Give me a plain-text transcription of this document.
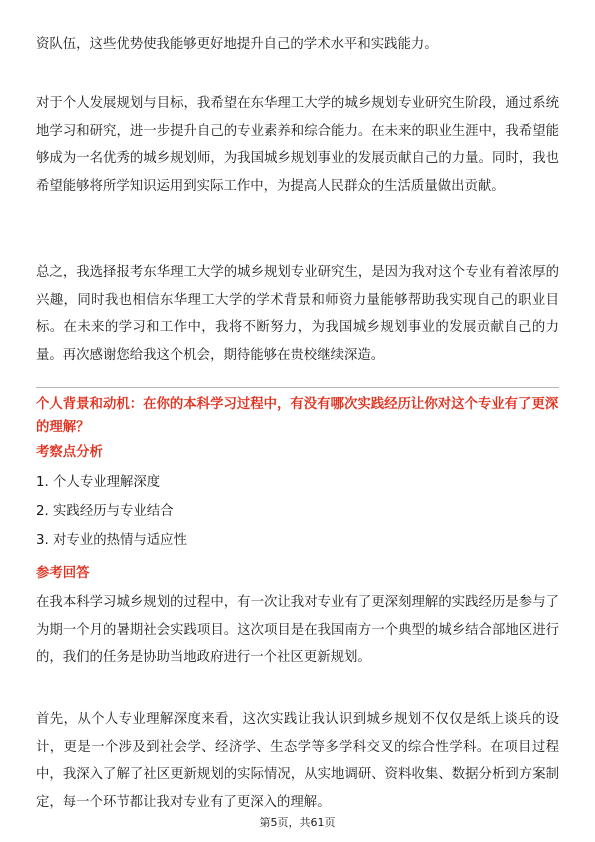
资队伍，这些优势使我能够更好地提升自己的学术水平和实践能力。

对于个人发展规划与目标，我希望在东华理工大学的城乡规划专业研究生阶段，通过系统地学习和研究，进一步提升自己的专业素养和综合能力。在未来的职业生涯中，我希望能够成为一名优秀的城乡规划师，为我国城乡规划事业的发展贡献自己的力量。同时，我也希望能够将所学知识运用到实际工作中，为提高人民群众的生活质量做出贡献。

总之，我选择报考东华理工大学的城乡规划专业研究生，是因为我对这个专业有着浓厚的兴趣，同时我也相信东华理工大学的学术背景和师资力量能够帮助我实现自己的职业目标。在未来的学习和工作中，我将不断努力，为我国城乡规划事业的发展贡献自己的力量。再次感谢您给我这个机会，期待能够在贵校继续深造。

个人背景和动机：在你的本科学习过程中，有没有哪次实践经历让你对这个专业有了更深的理解？

考察点分析

1. 个人专业理解深度
2. 实践经历与专业结合
3. 对专业的热情与适应性

参考回答

在我本科学习城乡规划的过程中，有一次让我对专业有了更深刻理解的实践经历是参与了为期一个月的暑期社会实践项目。这次项目是在我国南方一个典型的城乡结合部地区进行的，我们的任务是协助当地政府进行一个社区更新规划。

首先，从个人专业理解深度来看，这次实践让我认识到城乡规划不仅仅是纸上谈兵的设计，更是一个涉及到社会学、经济学、生态学等多学科交叉的综合性学科。在项目过程中，我深入了解了社区更新规划的实际情况，从实地调研、资料收集、数据分析到方案制定，每一个环节都让我对专业有了更深入的理解。

第5页，共61页
